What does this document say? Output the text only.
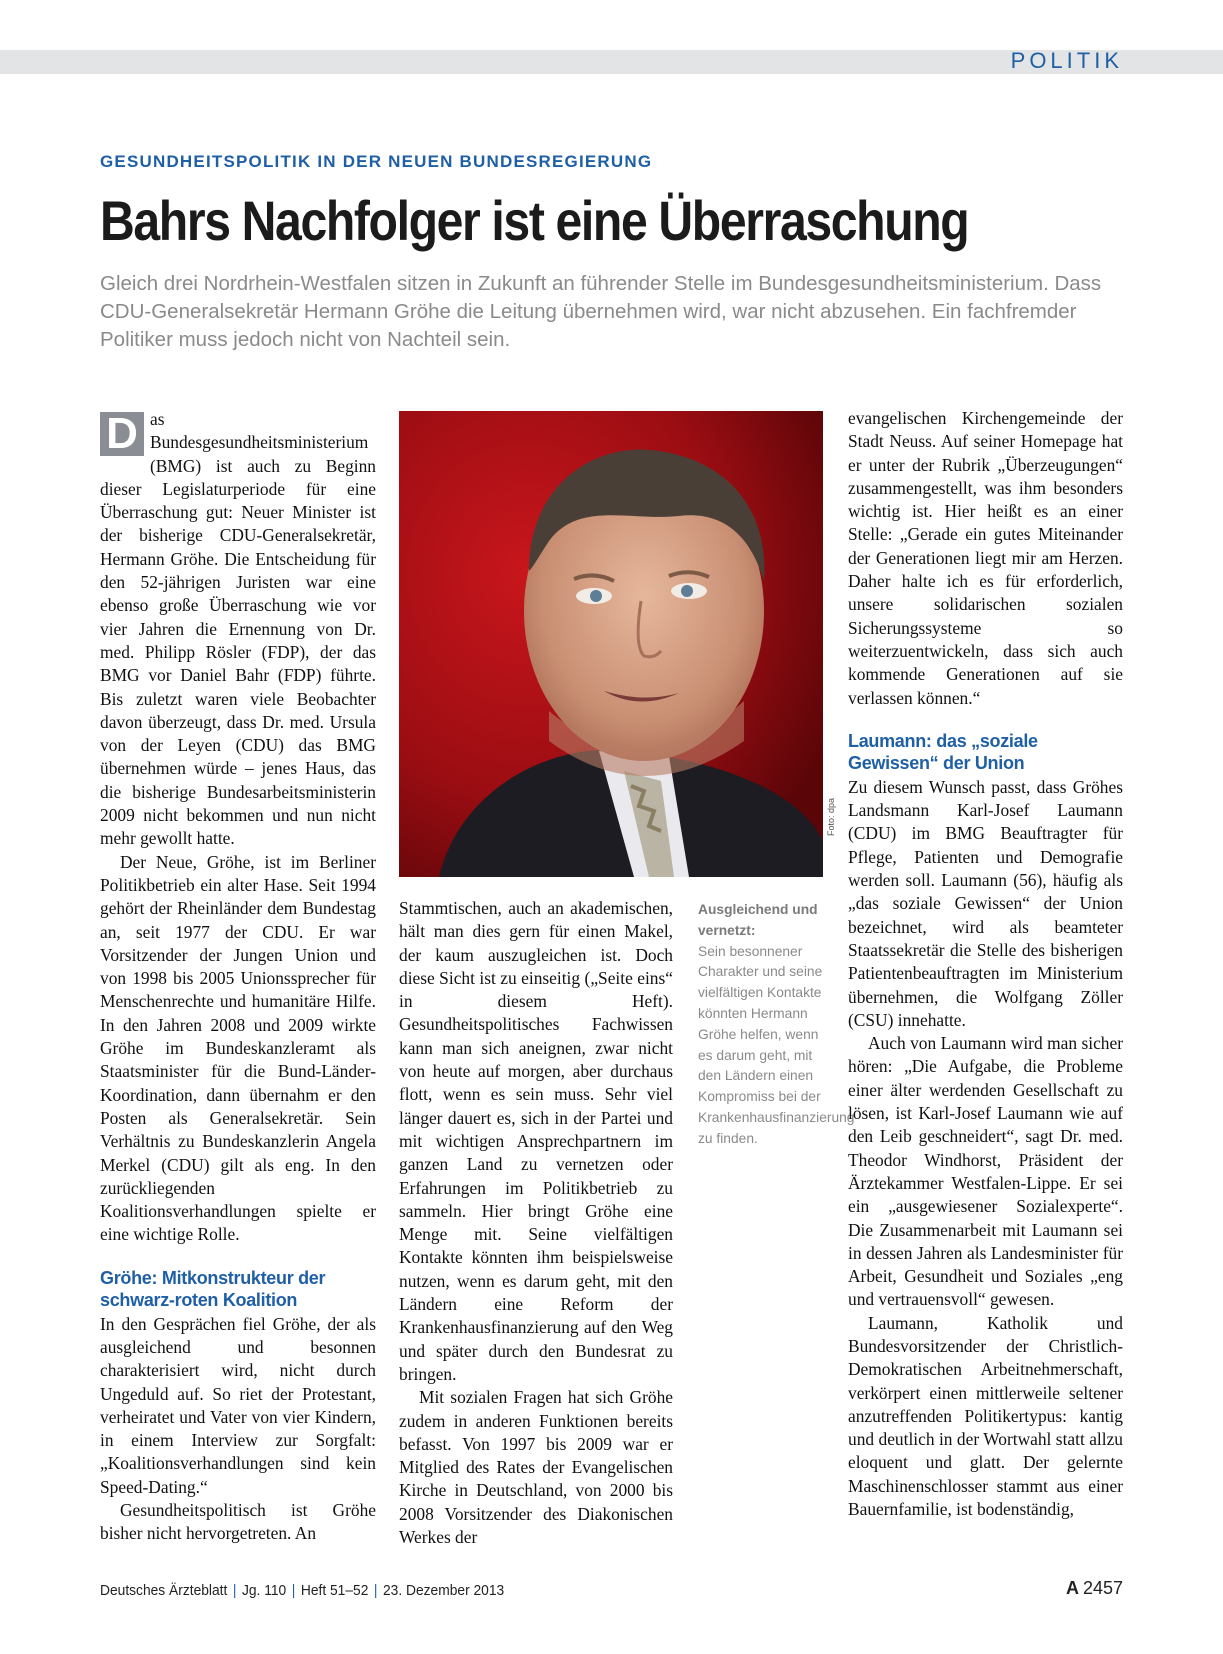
POLITIK
GESUNDHEITSPOLITIK IN DER NEUEN BUNDESREGIERUNG
Bahrs Nachfolger ist eine Überraschung
Gleich drei Nordrhein-Westfalen sitzen in Zukunft an führender Stelle im Bundesgesundheitsministerium. Dass CDU-Generalsekretär Hermann Gröhe die Leitung übernehmen wird, war nicht abzusehen. Ein fachfremder Politiker muss jedoch nicht von Nachteil sein.
D as Bundesgesundheitsministerium (BMG) ist auch zu Beginn dieser Legislaturperiode für eine Überraschung gut: Neuer Minister ist der bisherige CDU-Generalsekretär, Hermann Gröhe. Die Entscheidung für den 52-jährigen Juristen war eine ebenso große Überraschung wie vor vier Jahren die Ernennung von Dr. med. Philipp Rösler (FDP), der das BMG vor Daniel Bahr (FDP) führte. Bis zuletzt waren viele Beobachter davon überzeugt, dass Dr. med. Ursula von der Leyen (CDU) das BMG übernehmen würde – jenes Haus, das die bisherige Bundesarbeitsministerin 2009 nicht bekommen und nun nicht mehr gewollt hatte.

Der Neue, Gröhe, ist im Berliner Politikbetrieb ein alter Hase. Seit 1994 gehört der Rheinländer dem Bundestag an, seit 1977 der CDU. Er war Vorsitzender der Jungen Union und von 1998 bis 2005 Unionssprecher für Menschenrechte und humanitäre Hilfe. In den Jahren 2008 und 2009 wirkte Gröhe im Bundeskanzleramt als Staatsminister für die Bund-Länder-Koordination, dann übernahm er den Posten als Generalsekretär. Sein Verhältnis zu Bundeskanzlerin Angela Merkel (CDU) gilt als eng. In den zurückliegenden Koalitionsverhandlungen spielte er eine wichtige Rolle.

Gröhe: Mitkonstrukteur der schwarz-roten Koalition

In den Gesprächen fiel Gröhe, der als ausgleichend und besonnen charakterisiert wird, nicht durch Ungeduld auf. So riet der Protestant, verheiratet und Vater von vier Kindern, in einem Interview zur Sorgfalt: „Koalitionsverhandlungen sind kein Speed-Dating.“

Gesundheitspolitisch ist Gröhe bisher nicht hervorgetreten. An

Foto: dpa
Ausgleichend und vernetzt:
Sein besonnener Charakter und seine vielfältigen Kontakte könnten Hermann Gröhe helfen, wenn es darum geht, mit den Ländern einen Kompromiss bei der Krankenhausfinanzierung zu finden.

Stammtischen, auch an akademischen, hält man dies gern für einen Makel, der kaum auszugleichen ist. Doch diese Sicht ist zu einseitig („Seite eins“ in diesem Heft). Gesundheitspolitisches Fachwissen kann man sich aneignen, zwar nicht von heute auf morgen, aber durchaus flott, wenn es sein muss. Sehr viel länger dauert es, sich in der Partei und mit wichtigen Ansprechpartnern im ganzen Land zu vernetzen oder Erfahrungen im Politikbetrieb zu sammeln. Hier bringt Gröhe eine Menge mit. Seine vielfältigen Kontakte könnten ihm beispielsweise nutzen, wenn es darum geht, mit den Ländern eine Reform der Krankenhausfinanzierung auf den Weg und später durch den Bundesrat zu bringen.

Mit sozialen Fragen hat sich Gröhe zudem in anderen Funktionen bereits befasst. Von 1997 bis 2009 war er Mitglied des Rates der Evangelischen Kirche in Deutschland, von 2000 bis 2008 Vorsitzender des Diakonischen Werkes der

evangelischen Kirchengemeinde der Stadt Neuss. Auf seiner Homepage hat er unter der Rubrik „Überzeugungen“ zusammengestellt, was ihm besonders wichtig ist. Hier heißt es an einer Stelle: „Gerade ein gutes Miteinander der Generationen liegt mir am Herzen. Daher halte ich es für erforderlich, unsere solidarischen sozialen Sicherungssysteme so weiterzuentwickeln, dass sich auch kommende Generationen auf sie verlassen können.“

Laumann: das „soziale Gewissen“ der Union

Zu diesem Wunsch passt, dass Gröhes Landsmann Karl-Josef Laumann (CDU) im BMG Beauftragter für Pflege, Patienten und Demografie werden soll. Laumann (56), häufig als „das soziale Gewissen“ der Union bezeichnet, wird als beamteter Staatssekretär die Stelle des bisherigen Patientenbeauftragten im Ministerium übernehmen, die Wolfgang Zöller (CSU) innehatte.

Auch von Laumann wird man sicher hören: „Die Aufgabe, die Probleme einer älter werdenden Gesellschaft zu lösen, ist Karl-Josef Laumann wie auf den Leib geschneidert“, sagt Dr. med. Theodor Windhorst, Präsident der Ärztekammer Westfalen-Lippe. Er sei ein „ausgewiesener Sozialexperte“. Die Zusammenarbeit mit Laumann sei in dessen Jahren als Landesminister für Arbeit, Gesundheit und Soziales „eng und vertrauensvoll“ gewesen.

Laumann, Katholik und Bundesvorsitzender der Christlich-Demokratischen Arbeitnehmerschaft, verkörpert einen mittlerweile seltener anzutreffenden Politikertypus: kantig und deutlich in der Wortwahl statt allzu eloquent und glatt. Der gelernte Maschinenschlosser stammt aus einer Bauernfamilie, ist bodenständig,

Deutsches Ärzteblatt | Jg. 110 | Heft 51–52 | 23. Dezember 2013	A 2457
